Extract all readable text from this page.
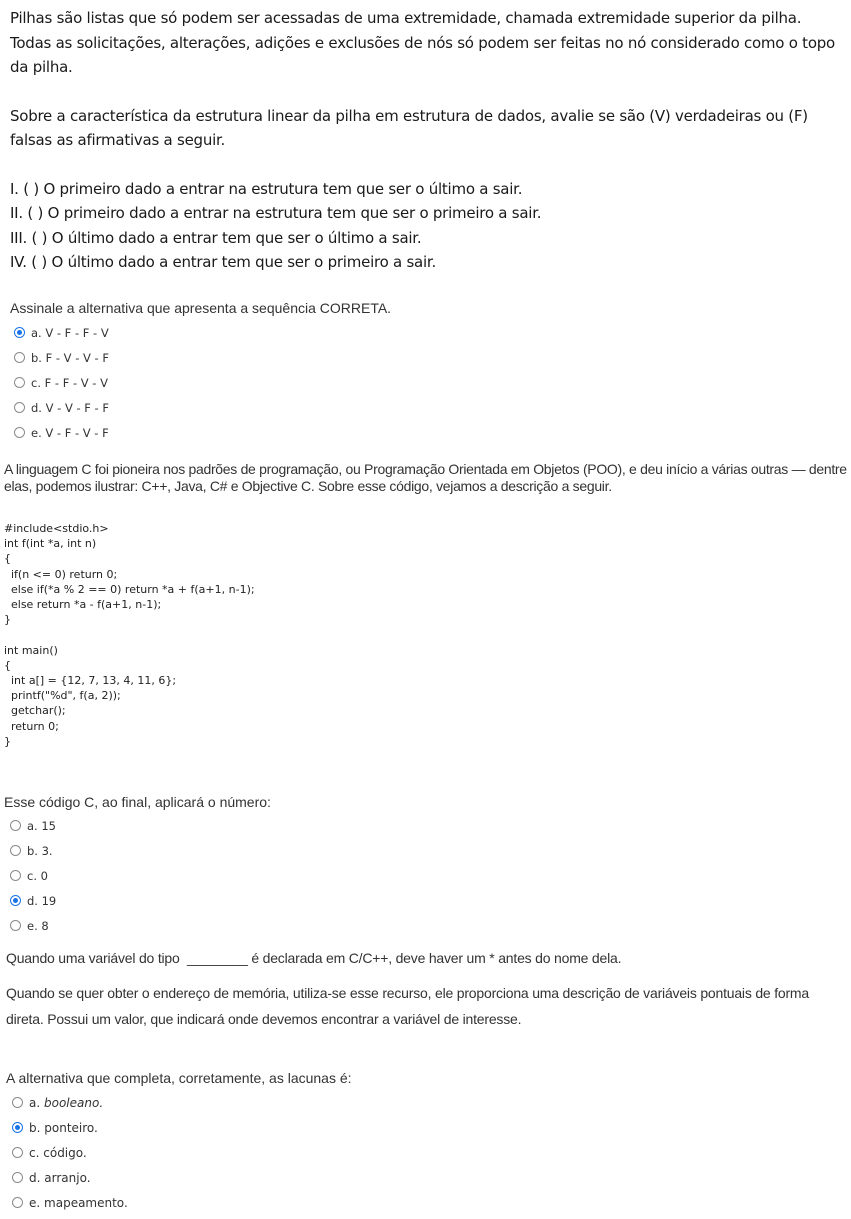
Pilhas são listas que só podem ser acessadas de uma extremidade, chamada extremidade superior da pilha. Todas as solicitações, alterações, adições e exclusões de nós só podem ser feitas no nó considerado como o topo da pilha.

Sobre a característica da estrutura linear da pilha em estrutura de dados, avalie se são (V) verdadeiras ou (F) falsas as afirmativas a seguir.

I. ( ) O primeiro dado a entrar na estrutura tem que ser o último a sair.

II. ( ) O primeiro dado a entrar na estrutura tem que ser o primeiro a sair.

III. ( ) O último dado a entrar tem que ser o último a sair.

IV. ( ) O último dado a entrar tem que ser o primeiro a sair.

Assinale a alternativa que apresenta a sequência CORRETA.
a. V - F - F - V
b. F - V - V - F
c. F - F - V - V
d. V - V - F - F
e. V - F - V - F
A linguagem C foi pioneira nos padrões de programação, ou Programação Orientada em Objetos (POO), e deu início a várias outras — dentre elas, podemos ilustrar: C++, Java, C# e Objective C. Sobre esse código, vejamos a descrição a seguir.
#include<stdio.h>
int f(int *a, int n)
{
if(n <= 0) return 0;
else if(*a % 2 == 0) return *a + f(a+1, n-1);
else return *a - f(a+1, n-1);
}

int main()
{
int a[] = {12, 7, 13, 4, 11, 6};
printf("%d", f(a, 2));
getchar();
return 0;
}
Esse código C, ao final, aplicará o número:
a. 15
b. 3.
c. 0
d. 19
e. 8
Quando uma variável do tipo  ________ é declarada em C/C++, deve haver um * antes do nome dela.
Quando se quer obter o endereço de memória, utiliza-se esse recurso, ele proporciona uma descrição de variáveis pontuais de forma direta. Possui um valor, que indicará onde devemos encontrar a variável de interesse.
A alternativa que completa, corretamente, as lacunas é:
a.
booleano.
b.
ponteiro.
c.
código.
d.
arranjo.
e.
mapeamento.
